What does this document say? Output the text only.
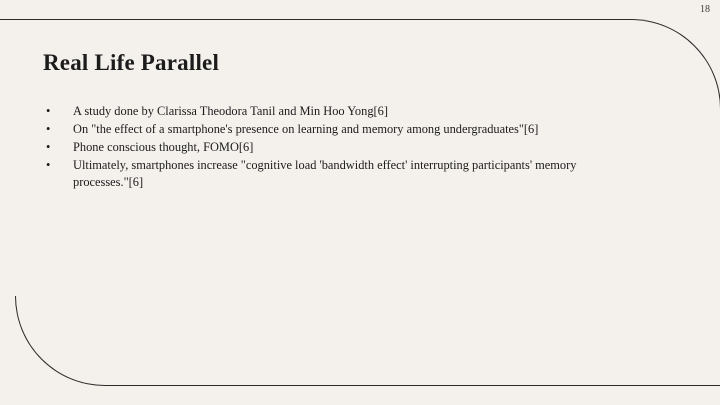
18
Real Life Parallel
• A study done by Clarissa Theodora Tanil and Min Hoo Yong[6]
• On "the effect of a smartphone's presence on learning and memory among undergraduates"[6]
• Phone conscious thought, FOMO[6]
• Ultimately, smartphones increase "cognitive load 'bandwidth effect' interrupting participants' memory processes."[6]
